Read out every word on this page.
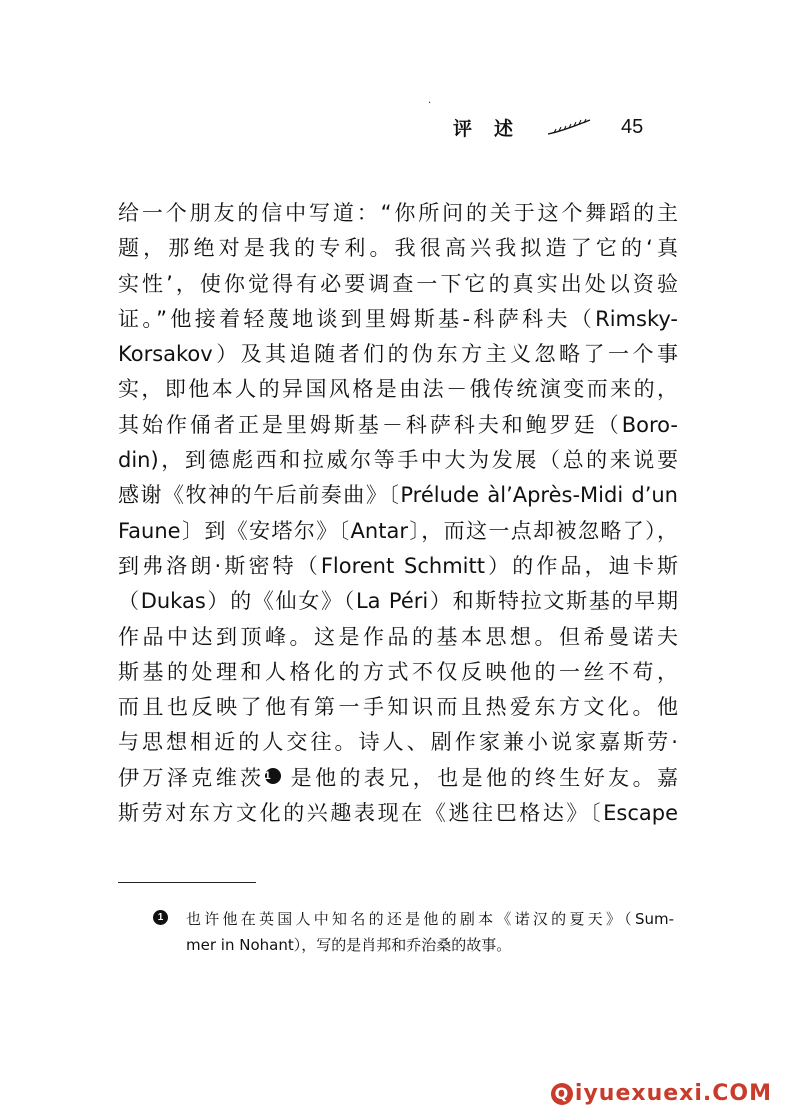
·
评述	45
给一个朋友的信中写道：“你所问的关于这个舞蹈的主
题，那绝对是我的专利。我很高兴我拟造了它的‘真
实性’，使你觉得有必要调查一下它的真实出处以资验
证。”他接着轻蔑地谈到里姆斯基-科萨科夫（Rimsky-
Korsakov）及其追随者们的伪东方主义忽略了一个事
实，即他本人的异国风格是由法－俄传统演变而来的，
其始作俑者正是里姆斯基－科萨科夫和鲍罗廷（Boro-
din)，到德彪西和拉威尔等手中大为发展（总的来说要
感谢《牧神的午后前奏曲》〔Prélude àl’Après-Midi d’un
Faune〕到《安塔尔》〔Antar〕，而这一点却被忽略了），
到弗洛朗·斯密特（Florent Schmitt）的作品，迪卡斯
（Dukas）的《仙女》（La Péri）和斯特拉文斯基的早期
作品中达到顶峰。这是作品的基本思想。但希曼诺夫
斯基的处理和人格化的方式不仅反映他的一丝不苟，
而且也反映了他有第一手知识而且热爱东方文化。他
与思想相近的人交往。诗人、剧作家兼小说家嘉斯劳·
伊万泽克维茨1 是他的表兄，也是他的终生好友。嘉
斯劳对东方文化的兴趣表现在《逃往巴格达》〔Escape
1	也许他在英国人中知名的还是他的剧本《诺汉的夏天》（Sum-
mer in Nohant），写的是肖邦和乔治桑的故事。
Q iyuexuexi.COM
